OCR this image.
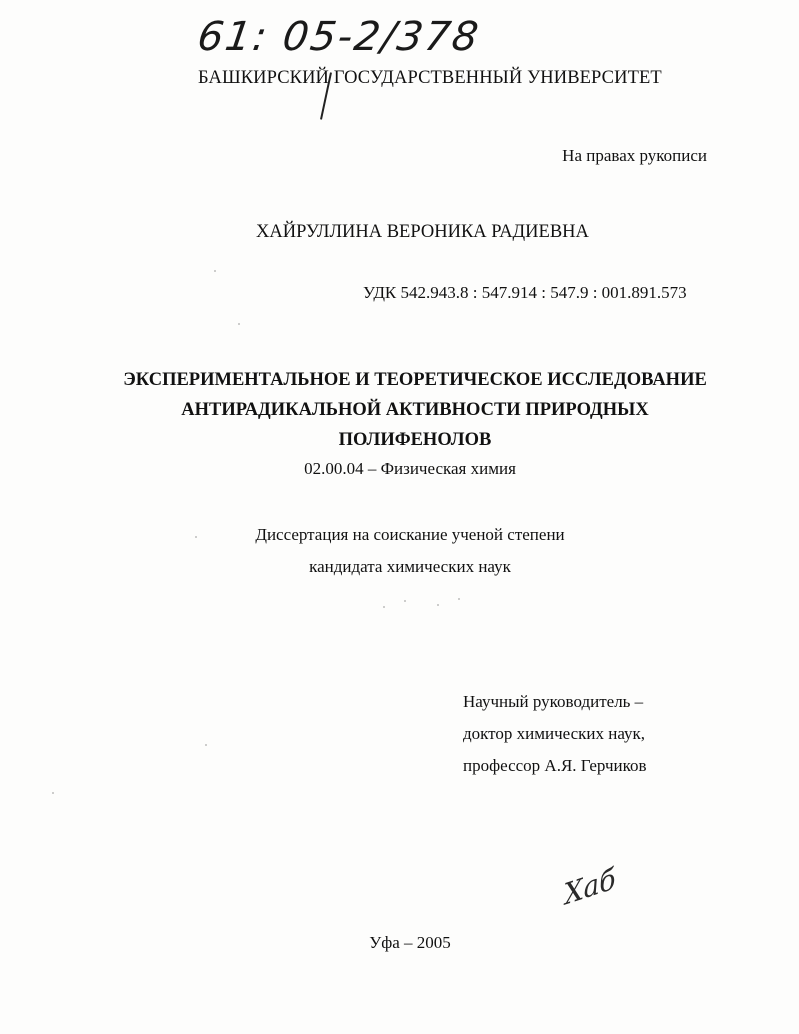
61: 05-2/378
БАШКИРСКИЙ ГОСУДАРСТВЕННЫЙ УНИВЕРСИТЕТ
На правах рукописи
ХАЙРУЛЛИНА ВЕРОНИКА РАДИЕВНА
УДК 542.943.8 : 547.914 : 547.9 : 001.891.573
ЭКСПЕРИМЕНТАЛЬНОЕ И ТЕОРЕТИЧЕСКОЕ ИССЛЕДОВАНИЕ
АНТИРАДИКАЛЬНОЙ АКТИВНОСТИ ПРИРОДНЫХ
ПОЛИФЕНОЛОВ
02.00.04 – Физическая химия
Диссертация на соискание ученой степени
кандидата химических наук
Научный руководитель –
доктор химических наук,
профессор А.Я. Герчиков
Хаб
Уфа – 2005
